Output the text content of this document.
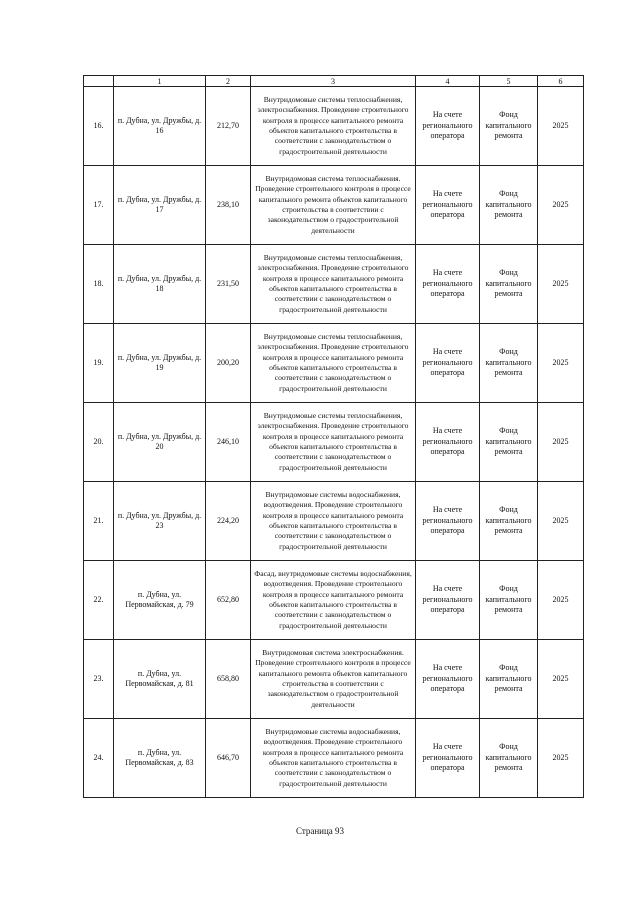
	1	2	3	4	5	6
16.	п. Дубна, ул. Дружбы, д. 16	212,70	Внутридомовые системы теплоснабжения, электроснабжения. Проведение строительного контроля в процессе капитального ремонта объектов капитального строительства в соответствии с законодательством о градостроительной деятельности	На счете регионального оператора	Фонд капитального ремонта	2025
17.	п. Дубна, ул. Дружбы, д. 17	238,10	Внутридомовая система теплоснабжения. Проведение строительного контроля в процессе капитального ремонта объектов капитального строительства в соответствии с законодательством о градостроительной деятельности	На счете регионального оператора	Фонд капитального ремонта	2025
18.	п. Дубна, ул. Дружбы, д. 18	231,50	Внутридомовые системы теплоснабжения, электроснабжения. Проведение строительного контроля в процессе капитального ремонта объектов капитального строительства в соответствии с законодательством о градостроительной деятельности	На счете регионального оператора	Фонд капитального ремонта	2025
19.	п. Дубна, ул. Дружбы, д. 19	200,20	Внутридомовые системы теплоснабжения, электроснабжения. Проведение строительного контроля в процессе капитального ремонта объектов капитального строительства в соответствии с законодательством о градостроительной деятельности	На счете регионального оператора	Фонд капитального ремонта	2025
20.	п. Дубна, ул. Дружбы, д. 20	246,10	Внутридомовые системы теплоснабжения, электроснабжения. Проведение строительного контроля в процессе капитального ремонта объектов капитального строительства в соответствии с законодательством о градостроительной деятельности	На счете регионального оператора	Фонд капитального ремонта	2025
21.	п. Дубна, ул. Дружбы, д. 23	224,20	Внутридомовые системы водоснабжения, водоотведения. Проведение строительного контроля в процессе капитального ремонта объектов капитального строительства в соответствии с законодательством о градостроительной деятельности	На счете регионального оператора	Фонд капитального ремонта	2025
22.	п. Дубна, ул. Первомайская, д. 79	652,80	Фасад, внутридомовые системы водоснабжения, водоотведения. Проведение строительного контроля в процессе капитального ремонта объектов капитального строительства в соответствии с законодательством о градостроительной деятельности	На счете регионального оператора	Фонд капитального ремонта	2025
23.	п. Дубна, ул. Первомайская, д. 81	658,80	Внутридомовая система электроснабжения. Проведение строительного контроля в процессе капитального ремонта объектов капитального строительства в соответствии с законодательством о градостроительной деятельности	На счете регионального оператора	Фонд капитального ремонта	2025
24.	п. Дубна, ул. Первомайская, д. 83	646,70	Внутридомовые системы водоснабжения, водоотведения. Проведение строительного контроля в процессе капитального ремонта объектов капитального строительства в соответствии с законодательством о градостроительной деятельности	На счете регионального оператора	Фонд капитального ремонта	2025
Страница 93
